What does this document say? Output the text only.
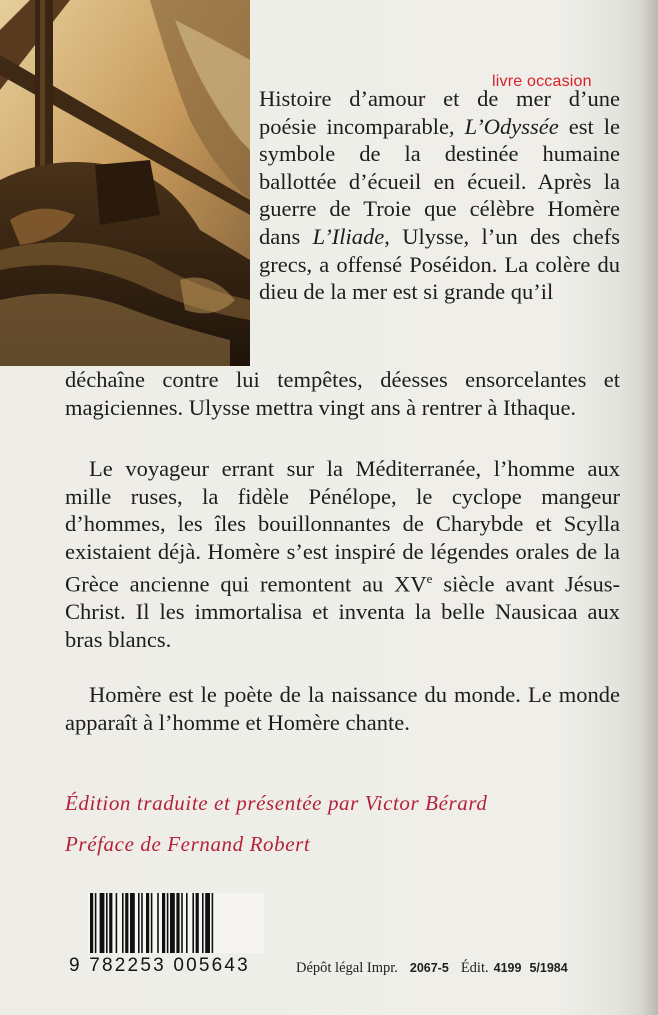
livre occasion

Histoire d’amour et de mer d’une poésie incomparable, L’Odyssée est le symbole de la destinée humaine ballottée d’écueil en écueil. Après la guerre de Troie que célèbre Homère dans L’Iliade, Ulysse, l’un des chefs grecs, a offensé Poséidon. La colère du dieu de la mer est si grande qu’il

déchaîne contre lui tempêtes, déesses ensorcelantes et magiciennes. Ulysse mettra vingt ans à rentrer à Ithaque.

Le voyageur errant sur la Méditerranée, l’homme aux mille ruses, la fidèle Pénélope, le cyclope mangeur d’hommes, les îles bouillonnantes de Charybde et Scylla existaient déjà. Homère s’est inspiré de légendes orales de la Grèce ancienne qui remontent au XVe siècle avant Jésus-Christ. Il les immortalisa et inventa la belle Nausicaa aux bras blancs.

Homère est le poète de la naissance du monde. Le monde apparaît à l’homme et Homère chante.

Édition traduite et présentée par Victor Bérard
Préface de Fernand Robert
9 782253 005643	Dépôt légal Impr. 2067-5 Édit. 4199 5/1984
